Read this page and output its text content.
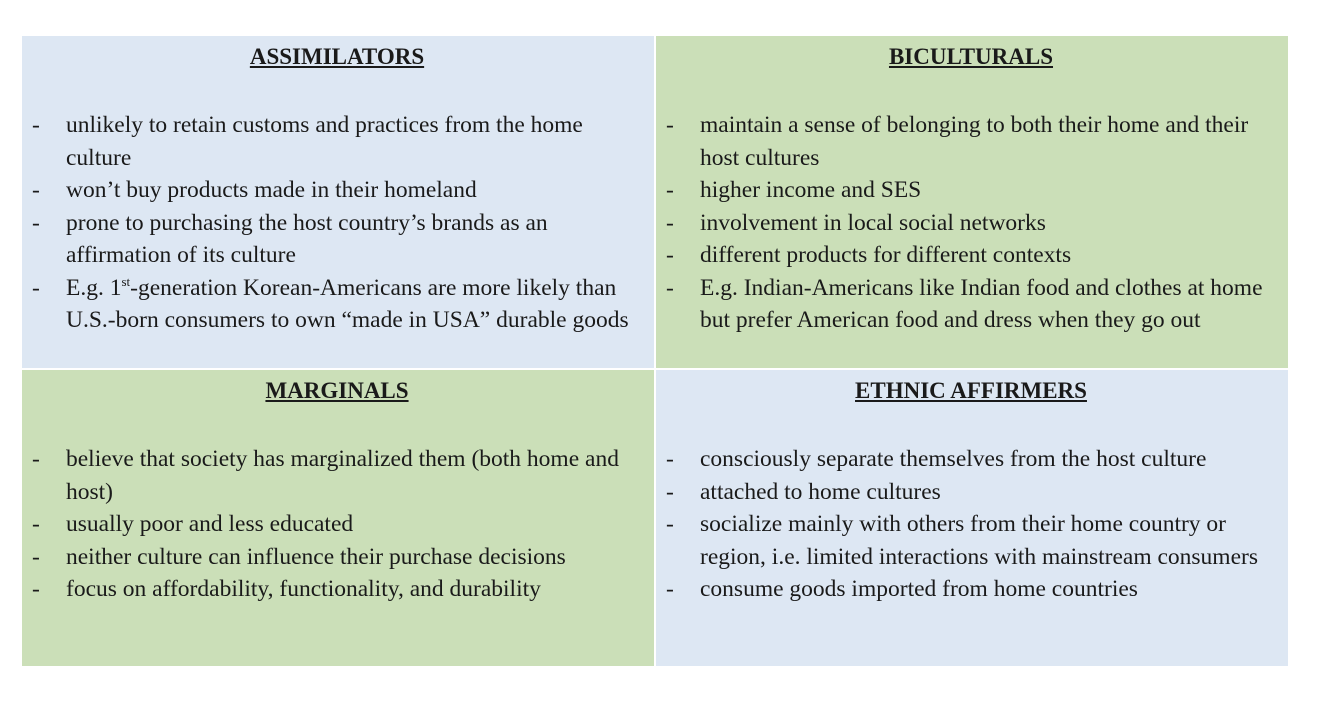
ASSIMILATORS
- unlikely to retain customs and practices from the home culture
- won’t buy products made in their homeland
- prone to purchasing the host country’s brands as an affirmation of its culture
- E.g. 1st-generation Korean-Americans are more likely than U.S.-born consumers to own “made in USA” durable goods
BICULTURALS
- maintain a sense of belonging to both their home and their host cultures
- higher income and SES
- involvement in local social networks
- different products for different contexts
- E.g. Indian-Americans like Indian food and clothes at home but prefer American food and dress when they go out
MARGINALS
- believe that society has marginalized them (both home and host)
- usually poor and less educated
- neither culture can influence their purchase decisions
- focus on affordability, functionality, and durability
ETHNIC AFFIRMERS
- consciously separate themselves from the host culture
- attached to home cultures
- socialize mainly with others from their home country or region, i.e. limited interactions with mainstream consumers
- consume goods imported from home countries
